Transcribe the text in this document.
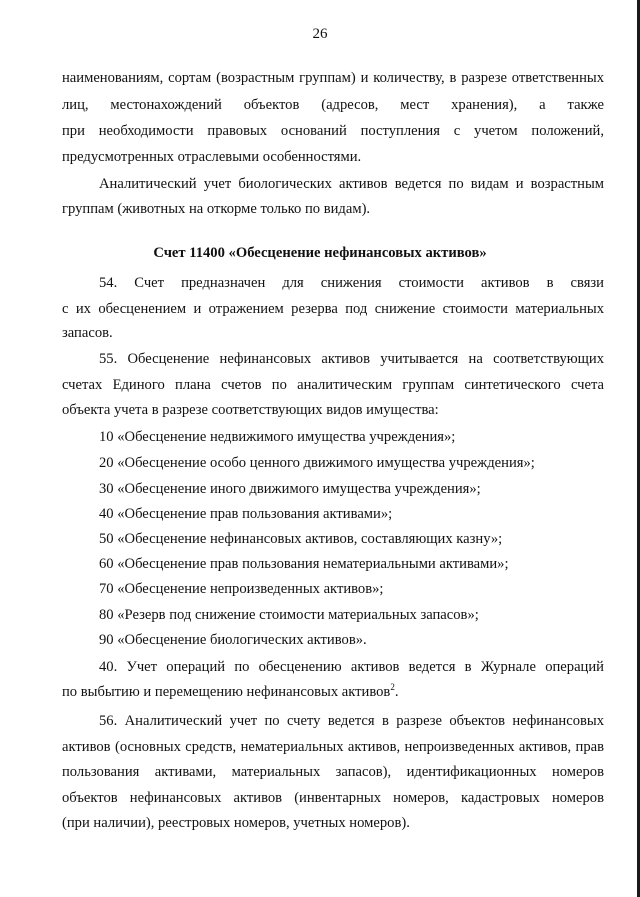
26
наименованиям, сортам (возрастным группам) и количеству, в разрезе ответственных
лиц, местонахождений объектов (адресов, мест хранения), а также
при необходимости правовых оснований поступления с учетом положений,
предусмотренных отраслевыми особенностями.
Аналитический учет биологических активов ведется по видам и возрастным
группам (животных на откорме только по видам).
Счет 11400 «Обесценение нефинансовых активов»
54. Счет предназначен для снижения стоимости активов в связи
с их обесценением и отражением резерва под снижение стоимости материальных
запасов.
55. Обесценение нефинансовых активов учитывается на соответствующих
счетах Единого плана счетов по аналитическим группам синтетического счета
объекта учета в разрезе соответствующих видов имущества:
10 «Обесценение недвижимого имущества учреждения»;
20 «Обесценение особо ценного движимого имущества учреждения»;
30 «Обесценение иного движимого имущества учреждения»;
40 «Обесценение прав пользования активами»;
50 «Обесценение нефинансовых активов, составляющих казну»;
60 «Обесценение прав пользования нематериальными активами»;
70 «Обесценение непроизведенных активов»;
80 «Резерв под снижение стоимости материальных запасов»;
90 «Обесценение биологических активов».
40. Учет операций по обесценению активов ведется в Журнале операций
по выбытию и перемещению нефинансовых активов$^2$.
56. Аналитический учет по счету ведется в разрезе объектов нефинансовых
активов (основных средств, нематериальных активов, непроизведенных активов, прав
пользования активами, материальных запасов), идентификационных номеров
объектов нефинансовых активов (инвентарных номеров, кадастровых номеров
(при наличии), реестровых номеров, учетных номеров).
